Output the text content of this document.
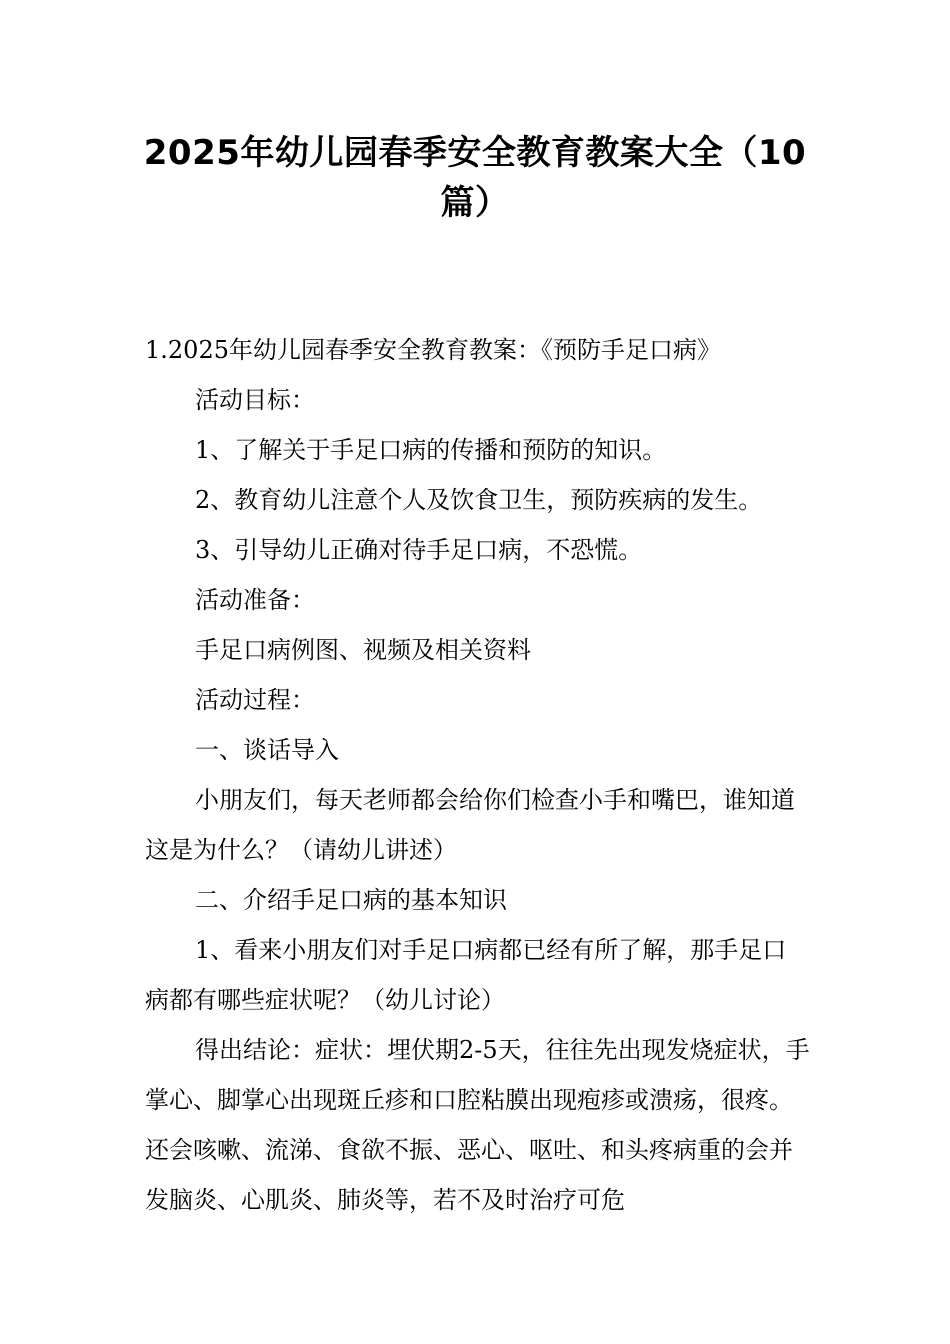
2025年幼儿园春季安全教育教案大全（10篇）

1.2025年幼儿园春季安全教育教案：《预防手足口病》

活动目标：

1、了解关于手足口病的传播和预防的知识。

2、教育幼儿注意个人及饮食卫生，预防疾病的发生。

3、引导幼儿正确对待手足口病，不恐慌。

活动准备：

手足口病例图、视频及相关资料

活动过程：

一、谈话导入

小朋友们，每天老师都会给你们检查小手和嘴巴，谁知道这是为什么？（请幼儿讲述）

二、介绍手足口病的基本知识

1、看来小朋友们对手足口病都已经有所了解，那手足口病都有哪些症状呢？（幼儿讨论）

得出结论：症状：埋伏期2-5天，往往先出现发烧症状，手掌心、脚掌心出现斑丘疹和口腔粘膜出现疱疹或溃疡，很疼。还会咳嗽、流涕、食欲不振、恶心、呕吐、和头疼病重的会并发脑炎、心肌炎、肺炎等，若不及时治疗可危
